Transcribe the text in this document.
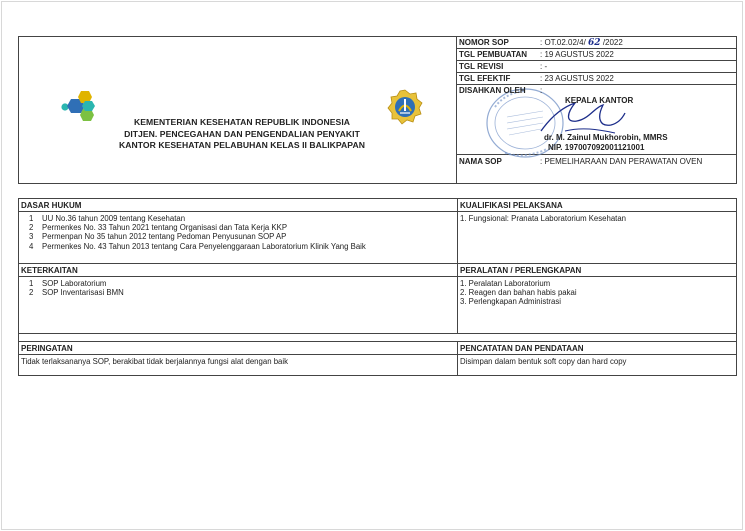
KEMENTERIAN KESEHATAN REPUBLIK INDONESIA
DITJEN. PENCEGAHAN DAN PENGENDALIAN PENYAKIT
KANTOR KESEHATAN PELABUHAN KELAS II BALIKPAPAN
NOMOR SOP	: OT.02.02/4/ 62 /2022
TGL PEMBUATAN	: 19 AGUSTUS 2022
TGL REVISI	: -
TGL EFEKTIF	: 23 AGUSTUS 2022
DISAHKAN OLEH :
KEPALA KANTOR
dr. M. Zainul Mukhorobin, MMRS
NIP. 197007092001121001
NAMA SOP	: PEMELIHARAAN DAN PERAWATAN OVEN
DASAR HUKUM
1	UU No.36 tahun 2009 tentang Kesehatan
2	Permenkes No. 33 Tahun 2021 tentang Organisasi dan Tata Kerja KKP
3	Permenpan No 35 tahun 2012 tentang Pedoman Penyusunan SOP AP
4	Permenkes No. 43 Tahun 2013 tentang Cara Penyelenggaraan Laboratorium Klinik Yang Baik
KUALIFIKASI PELAKSANA
1. Fungsional: Pranata Laboratorium Kesehatan
KETERKAITAN
1	SOP Laboratorium
2	SOP Inventarisasi BMN
PERALATAN / PERLENGKAPAN
1. Peralatan Laboratorium
2. Reagen dan bahan habis pakai
3. Perlengkapan Administrasi
PERINGATAN
Tidak terlaksananya SOP, berakibat tidak berjalannya fungsi alat dengan baik
PENCATATAN DAN PENDATAAN
Disimpan dalam bentuk soft copy dan hard copy
